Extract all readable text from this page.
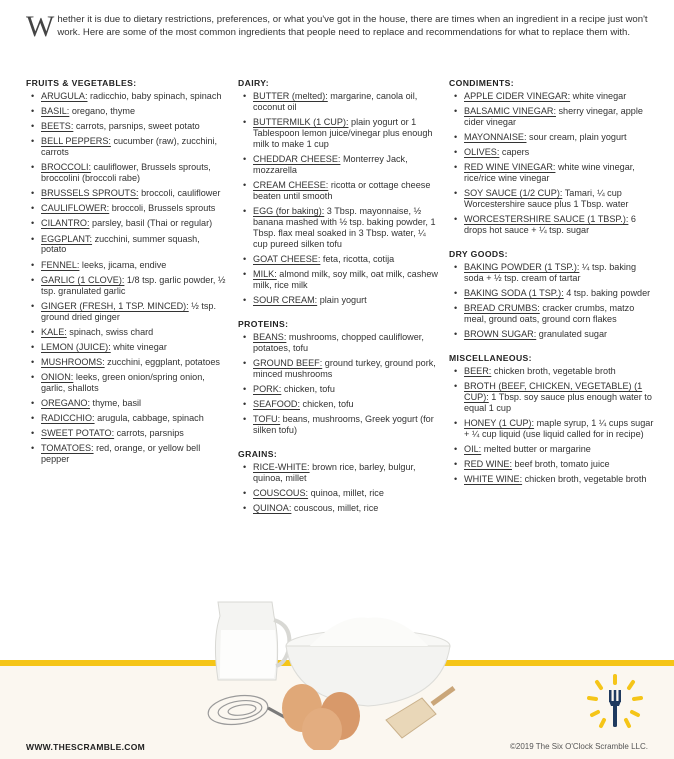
W hether it is due to dietary restrictions, preferences, or what you've got in the house, there are times when an ingredient in a recipe just won't work. Here are some of the most common ingredients that people need to replace and recommendations for what to replace them with.
FRUITS & VEGETABLES:
• ARUGULA: radicchio, baby spinach, spinach
• BASIL: oregano, thyme
• BEETS: carrots, parsnips, sweet potato
• BELL PEPPERS: cucumber (raw), zucchini, carrots
• BROCCOLI: cauliflower, Brussels sprouts, broccolini (broccoli rabe)
• BRUSSELS SPROUTS: broccoli, cauliflower
• CAULIFLOWER: broccoli, Brussels sprouts
• CILANTRO: parsley, basil (Thai or regular)
• EGGPLANT: zucchini, summer squash, potato
• FENNEL: leeks, jicama, endive
• GARLIC (1 CLOVE): 1/8 tsp. garlic powder, ½ tsp. granulated garlic
• GINGER (FRESH, 1 TSP. MINCED): ½ tsp. ground dried ginger
• KALE: spinach, swiss chard
• LEMON (JUICE): white vinegar
• MUSHROOMS: zucchini, eggplant, potatoes
• ONION: leeks, green onion/spring onion, garlic, shallots
• OREGANO: thyme, basil
• RADICCHIO: arugula, cabbage, spinach
• SWEET POTATO: carrots, parsnips
• TOMATOES: red, orange, or yellow bell pepper
DAIRY:
• BUTTER (melted): margarine, canola oil, coconut oil
• BUTTERMILK (1 CUP): plain yogurt or 1 Tablespoon lemon juice/vinegar plus enough milk to make 1 cup
• CHEDDAR CHEESE: Monterrey Jack, mozzarella
• CREAM CHEESE: ricotta or cottage cheese beaten until smooth
• EGG (for baking): 3 Tbsp. mayonnaise, ½ banana mashed with ½ tsp. baking powder, 1 Tbsp. flax meal soaked in 3 Tbsp. water, ¼ cup pureed silken tofu
• GOAT CHEESE: feta, ricotta, cotija
• MILK: almond milk, soy milk, oat milk, cashew milk, rice milk
• SOUR CREAM: plain yogurt
PROTEINS:
• BEANS: mushrooms, chopped cauliflower, potatoes, tofu
• GROUND BEEF: ground turkey, ground pork, minced mushrooms
• PORK: chicken, tofu
• SEAFOOD: chicken, tofu
• TOFU: beans, mushrooms, Greek yogurt (for silken tofu)
GRAINS:
• RICE-WHITE: brown rice, barley, bulgur, quinoa, millet
• COUSCOUS: quinoa, millet, rice
• QUINOA: couscous, millet, rice
CONDIMENTS:
• APPLE CIDER VINEGAR: white vinegar
• BALSAMIC VINEGAR: sherry vinegar, apple cider vinegar
• MAYONNAISE: sour cream, plain yogurt
• OLIVES: capers
• RED WINE VINEGAR: white wine vinegar, rice/rice wine vinegar
• SOY SAUCE (1/2 CUP): Tamari, ¼ cup Worcestershire sauce plus 1 Tbsp. water
• WORCESTERSHIRE SAUCE (1 TBSP.): 6 drops hot sauce + ¼ tsp. sugar
DRY GOODS:
• BAKING POWDER (1 TSP.): ¼ tsp. baking soda + ½ tsp. cream of tartar
• BAKING SODA (1 TSP.): 4 tsp. baking powder
• BREAD CRUMBS: cracker crumbs, matzo meal, ground oats, ground corn flakes
• BROWN SUGAR: granulated sugar
MISCELLANEOUS:
• BEER: chicken broth, vegetable broth
• BROTH (BEEF, CHICKEN, VEGETABLE) (1 CUP): 1 Tbsp. soy sauce plus enough water to equal 1 cup
• HONEY (1 CUP): maple syrup, 1 ¼ cups sugar + ¼ cup liquid (use liquid called for in recipe)
• OIL: melted butter or margarine
• RED WINE: beef broth, tomato juice
• WHITE WINE: chicken broth, vegetable broth
WWW.THESCRAMBLE.COM	©2019 The Six O'Clock Scramble LLC.
